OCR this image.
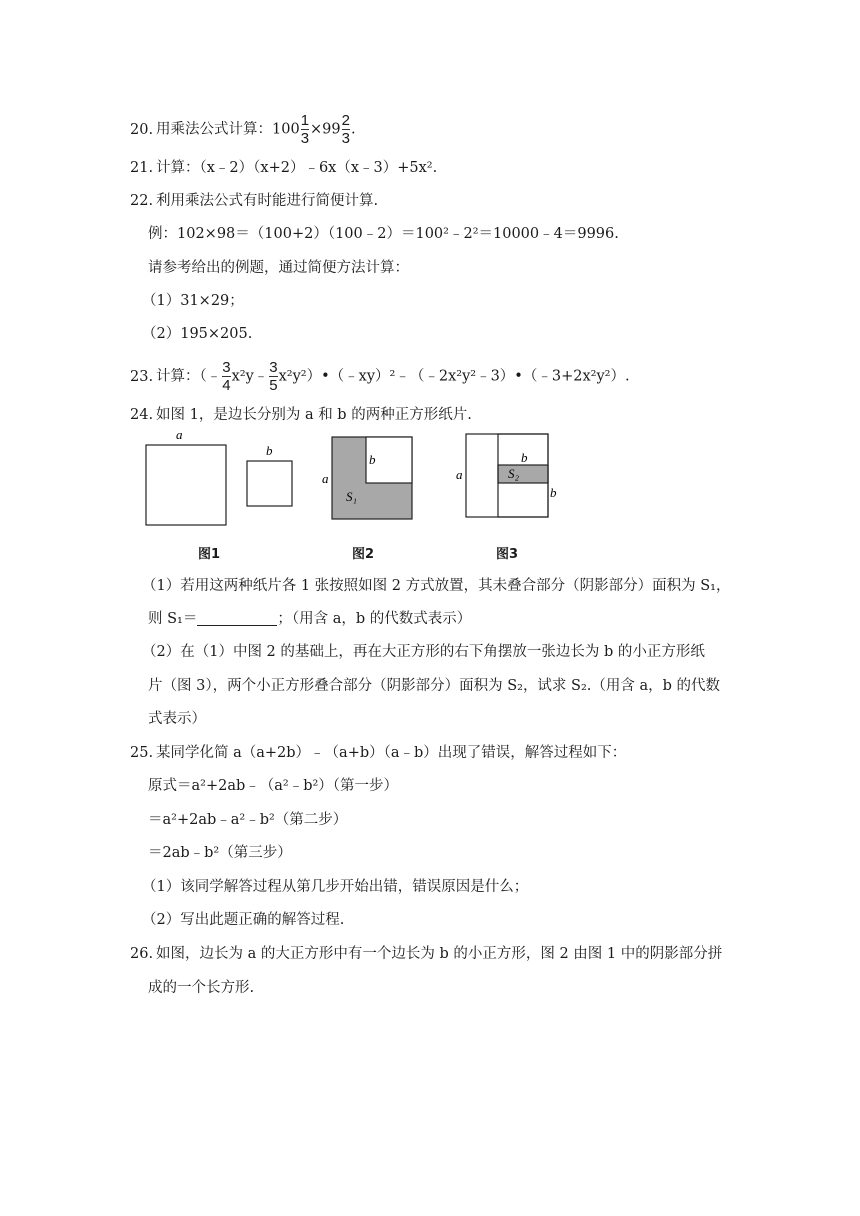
20. 用乘法公式计算：$100 \frac{1}{3} \times 99 \frac{2}{3}$ .
21. 计算：（x﹣2）（x+2）﹣6x（x﹣3）+5x².
22. 利用乘法公式有时能进行简便计算.
例：102×98＝（100+2）（100﹣2）＝100²﹣2²＝10000﹣4＝9996.
请参考给出的例题，通过简便方法计算：
（1）31×29；
（2）195×205.
23. 计算：（﹣ $\frac{3}{4}$ x²y﹣ $\frac{3}{5}$ x²y²）•（﹣xy）²﹣（﹣2x²y²﹣3）•（﹣3+2x²y²）.
24. 如图 1，是边长分别为 a 和 b 的两种正方形纸片.
a
b
a
b
S₁
a	S₂
b
b
图1	图2	图3
（1）若用这两种纸片各 1 张按照如图 2 方式放置，其未叠合部分（阴影部分）面积为 S₁，
则 S₁＝	；（用含 a，b 的代数式表示）
（2）在（1）中图 2 的基础上，再在大正方形的右下角摆放一张边长为 b 的小正方形纸
片（图 3），两个小正方形叠合部分（阴影部分）面积为 S₂，试求 S₂.（用含 a，b 的代数
式表示）
25. 某同学化简 a（a+2b）﹣（a+b）（a﹣b）出现了错误，解答过程如下：
原式＝a²+2ab﹣（a²﹣b²）（第一步）
＝a²+2ab﹣a²﹣b²（第二步）
＝2ab﹣b²（第三步）
（1）该同学解答过程从第几步开始出错，错误原因是什么；
（2）写出此题正确的解答过程.
26. 如图，边长为 a 的大正方形中有一个边长为 b 的小正方形，图 2 由图 1 中的阴影部分拼
成的一个长方形.
